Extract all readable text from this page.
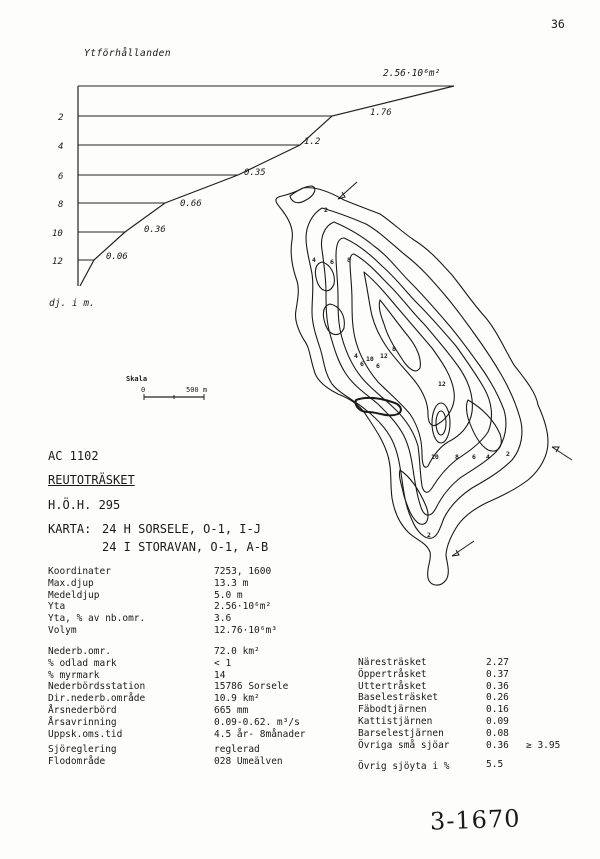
36
Ytförhållanden
2
4
6
8
10
12
2.56·10⁶m²
1.76
1.2
0.35
0.66
0.36
0.06
dj. i m.
Skala
0	500 m
2
4 6 8
10 12
12
10 8 6 4 2
2
4
6 6
8
AC 1102
REUTOTRÄSKET
H.Ö.H. 295
KARTA: 24 H SORSELE, O-1, I-J
24 I STORAVAN, O-1, A-B
Koordinater
Max.djup
Medeldjup
Yta
Yta, % av nb.omr.
Volym
7253, 1600
13.3 m
5.0 m
2.56·10⁶m²
3.6
12.76·10⁶m³
Nederb.omr.
% odlad mark
% myrmark
Nederbördsstation
Dir.nederb.område
Årsnederbörd
Årsavrinning
Uppsk.oms.tid
72.0 km²
< 1
14
15786 Sorsele
10.9 km²
665 mm
0.09-0.62. m³/s
4.5 år- 8månader
Sjöreglering
Flodområde
reglerad
028 Umeälven
Näresträsket
Öppertråsket
Uttertråsket
Baselesträsket
Fäbodtjärnen
Kattistjärnen
Barselestjärnen
Övriga små sjöar
2.27
0.37
0.36
0.26
0.16
0.09
0.08
0.36 ≥ 3.95
Övrig sjöyta i %	5.5
3-1670
